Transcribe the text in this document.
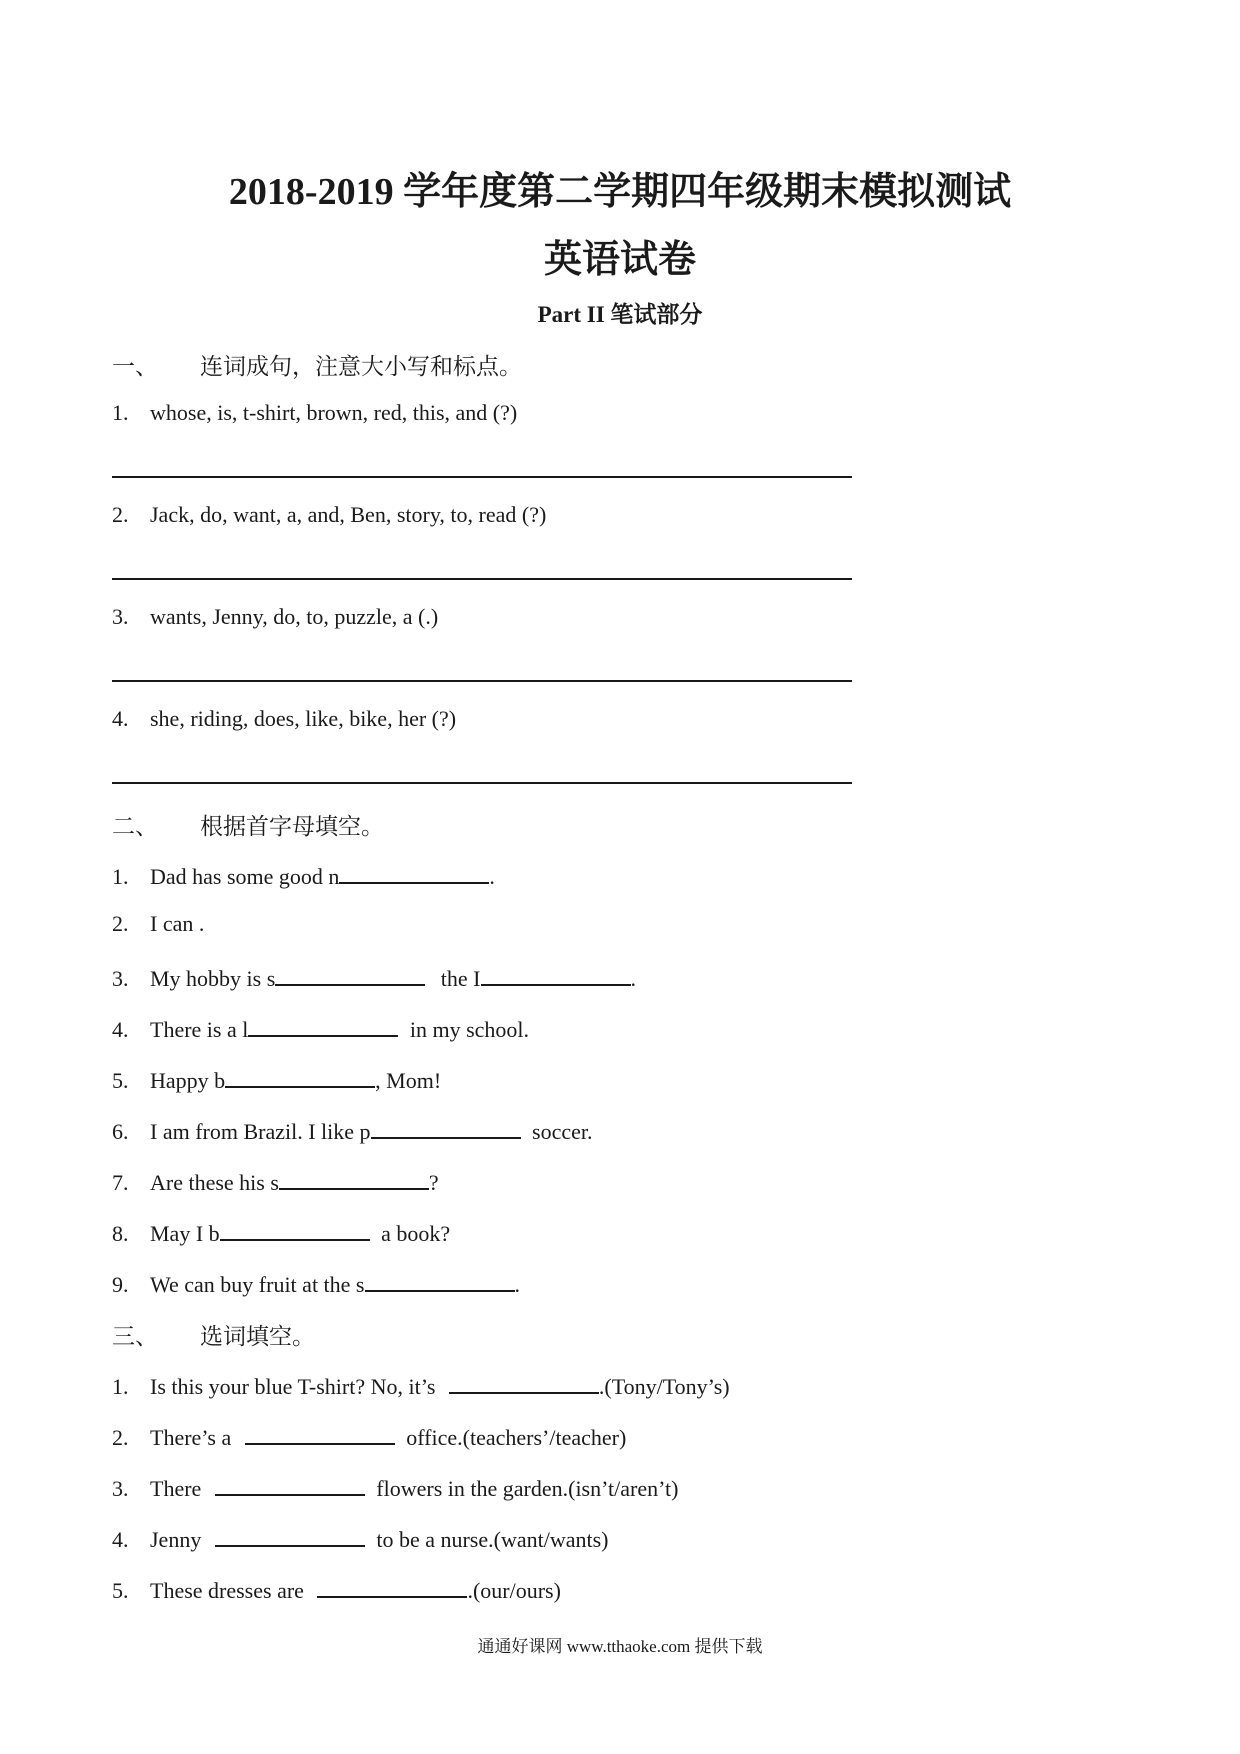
2018-2019 学年度第二学期四年级期末模拟测试
英语试卷
Part II 笔试部分
一、 连词成句，注意大小写和标点。
1. whose, is, t-shirt, brown, red, this, and (?)
2. Jack, do, want, a, and, Ben, story, to, read (?)
3. wants, Jenny, do, to, puzzle, a (.)
4. she, riding, does, like, bike, her (?)
二、 根据首字母填空。
1. Dad has some good n	.
2. I can .
3. My hobby is s	the I	.
4. There is a l	in my school.
5. Happy b	, Mom!
6. I am from Brazil. I like p	soccer.
7. Are these his s	?
8. May I b	a book?
9. We can buy fruit at the s	.
三、 选词填空。
1. Is this your blue T-shirt? No, it’s	.(Tony/Tony’s)
2. There’s a	office.(teachers’/teacher)
3. There	flowers in the garden.(isn’t/aren’t)
4. Jenny	to be a nurse.(want/wants)
5. These dresses are	.(our/ours)
通通好课网 www.tthaoke.com 提供下载
